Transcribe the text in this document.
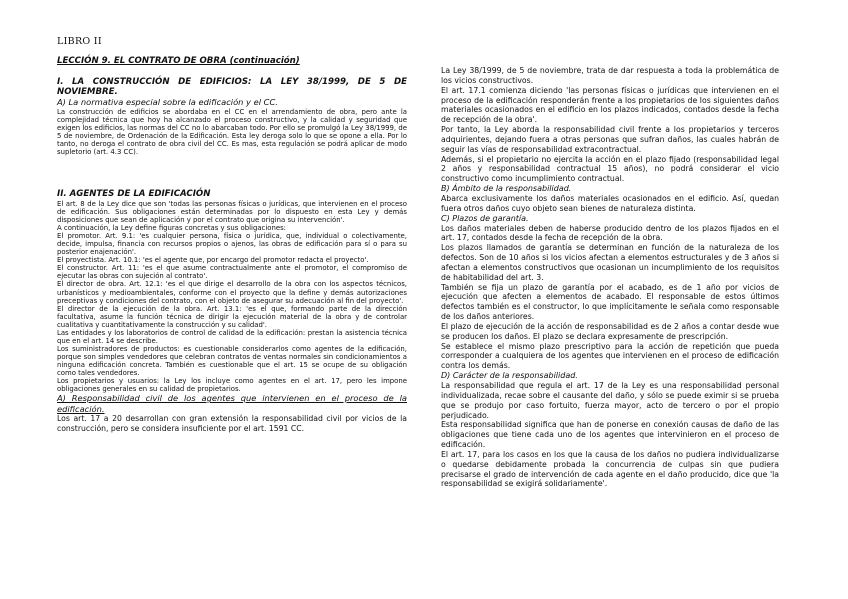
LIBRO II
LECCIÓN 9. EL CONTRATO DE OBRA (continuación)
I. LA CONSTRUCCIÓN DE EDIFICIOS: LA LEY 38/1999, DE 5 DE NOVIEMBRE.

A) La normativa especial sobre la edificación y el CC.

La construcción de edificios se abordaba en el CC en el arrendamiento de obra, pero ante la complejidad técnica que hoy ha alcanzado el proceso constructivo, y la calidad y seguridad que exigen los edificios, las normas del CC no lo abarcaban todo. Por ello se promulgó la Ley 38/1999, de 5 de noviembre, de Ordenación de la Edificación. Esta ley deroga solo lo que se opone a ella. Por lo tanto, no deroga el contrato de obra civil del CC. Es mas, esta regulación se podrá aplicar de modo supletorio (art. 4.3 CC).

II. AGENTES DE LA EDIFICACIÓN

El art. 8 de la Ley dice que son 'todas las personas físicas o jurídicas, que intervienen en el proceso de edificación. Sus obligaciones están determinadas por lo dispuesto en esta Ley y demás disposiciones que sean de aplicación y por el contrato que origina su intervención'.

A continuación, la Ley define figuras concretas y sus obligaciones:

El promotor. Art. 9.1: 'es cualquier persona, física o jurídica, que, individual o colectivamente, decide, impulsa, financia con recursos propios o ajenos, las obras de edificación para sí o para su posterior enajenación'.

El proyectista. Art. 10.1: 'es el agente que, por encargo del promotor redacta el proyecto'.

El constructor. Art. 11: 'es el que asume contractualmente ante el promotor, el compromiso de ejecutar las obras con sujeción al contrato'.

El director de obra. Art. 12.1: 'es el que dirige el desarrollo de la obra con los aspectos técnicos, urbanísticos y medioambientales, conforme con el proyecto que la define y demás autorizaciones preceptivas y condiciones del contrato, con el objeto de asegurar su adecuación al fin del proyecto'.

El director de la ejecución de la obra. Art. 13.1: 'es el que, formando parte de la dirección facultativa, asume la función técnica de dirigir la ejecución material de la obra y de controlar cualitativa y cuantitativamente la construcción y su calidad'.

Las entidades y los laboratorios de control de calidad de la edificación: prestan la asistencia técnica que en el art. 14 se describe.

Los suministradores de productos: es cuestionable considerarlos como agentes de la edificación, porque son simples vendedores que celebran contratos de ventas normales sin condicionamientos a ninguna edificación concreta. También es cuestionable que el art. 15 se ocupe de su obligación como tales vendedores.

Los propietarios y usuarios: la Ley los incluye como agentes en el art. 17, pero les impone obligaciones generales en su calidad de propietarios.

A) Responsabilidad civil de los agentes que intervienen en el proceso de la edificación.

Los art. 17 a 20 desarrollan con gran extensión la responsabilidad civil por vicios de la construcción, pero se considera insuficiente por el art. 1591 CC.

La Ley 38/1999, de 5 de noviembre, trata de dar respuesta a toda la problemática de los vicios constructivos.

El art. 17.1 comienza diciendo 'las personas físicas o jurídicas que intervienen en el proceso de la edificación responderán frente a los propietarios de los siguientes daños materiales ocasionados en el edificio en los plazos indicados, contados desde la fecha de recepción de la obra'.

Por tanto, la Ley aborda la responsabilidad civil frente a los propietarios y terceros adquirientes, dejando fuera a otras personas que sufran daños, las cuales habrán de seguir las vías de responsabilidad extracontractual.

Además, si el propietario no ejercita la acción en el plazo fijado (responsabilidad legal 2 años y responsabilidad contractual 15 años), no podrá considerar el vicio constructivo como incumplimiento contractual.

B) Ámbito de la responsabilidad.

Abarca exclusivamente los daños materiales ocasionados en el edificio. Así, quedan fuera otros daños cuyo objeto sean bienes de naturaleza distinta.

C) Plazos de garantía.

Los daños materiales deben de haberse producido dentro de los plazos fijados en el art. 17, contados desde la fecha de recepción de la obra.

Los plazos llamados de garantía se determinan en función de la naturaleza de los defectos. Son de 10 años si los vicios afectan a elementos estructurales y de 3 años si afectan a elementos constructivos que ocasionan un incumplimiento de los requisitos de habitabilidad del art. 3.

También se fija un plazo de garantía por el acabado, es de 1 año por vicios de ejecución que afecten a elementos de acabado. El responsable de estos últimos defectos también es el constructor, lo que implícitamente le señala como responsable de los daños anteriores.

El plazo de ejecución de la acción de responsabilidad es de 2 años a contar desde wue se producen los daños. El plazo se declara expresamente de prescripción.

Se establece el mismo plazo prescriptivo para la acción de repetición que pueda corresponder a cualquiera de los agentes que intervienen en el proceso de edificación contra los demás.

D) Carácter de la responsabilidad.

La responsabilidad que regula el art. 17 de la Ley es una responsabilidad personal individualizada, recae sobre el causante del daño, y sólo se puede eximir si se prueba que se produjo por caso fortuito, fuerza mayor, acto de tercero o por el propio perjudicado.

Esta responsabilidad significa que han de ponerse en conexión causas de daño de las obligaciones que tiene cada uno de los agentes que intervinieron en el proceso de edificación.

El art. 17, para los casos en los que la causa de los daños no pudiera individualizarse o quedarse debidamente probada la concurrencia de culpas sin que pudiera precisarse el grado de intervención de cada agente en el daño producido, dice que 'la responsabilidad se exigirá solidariamente'.
